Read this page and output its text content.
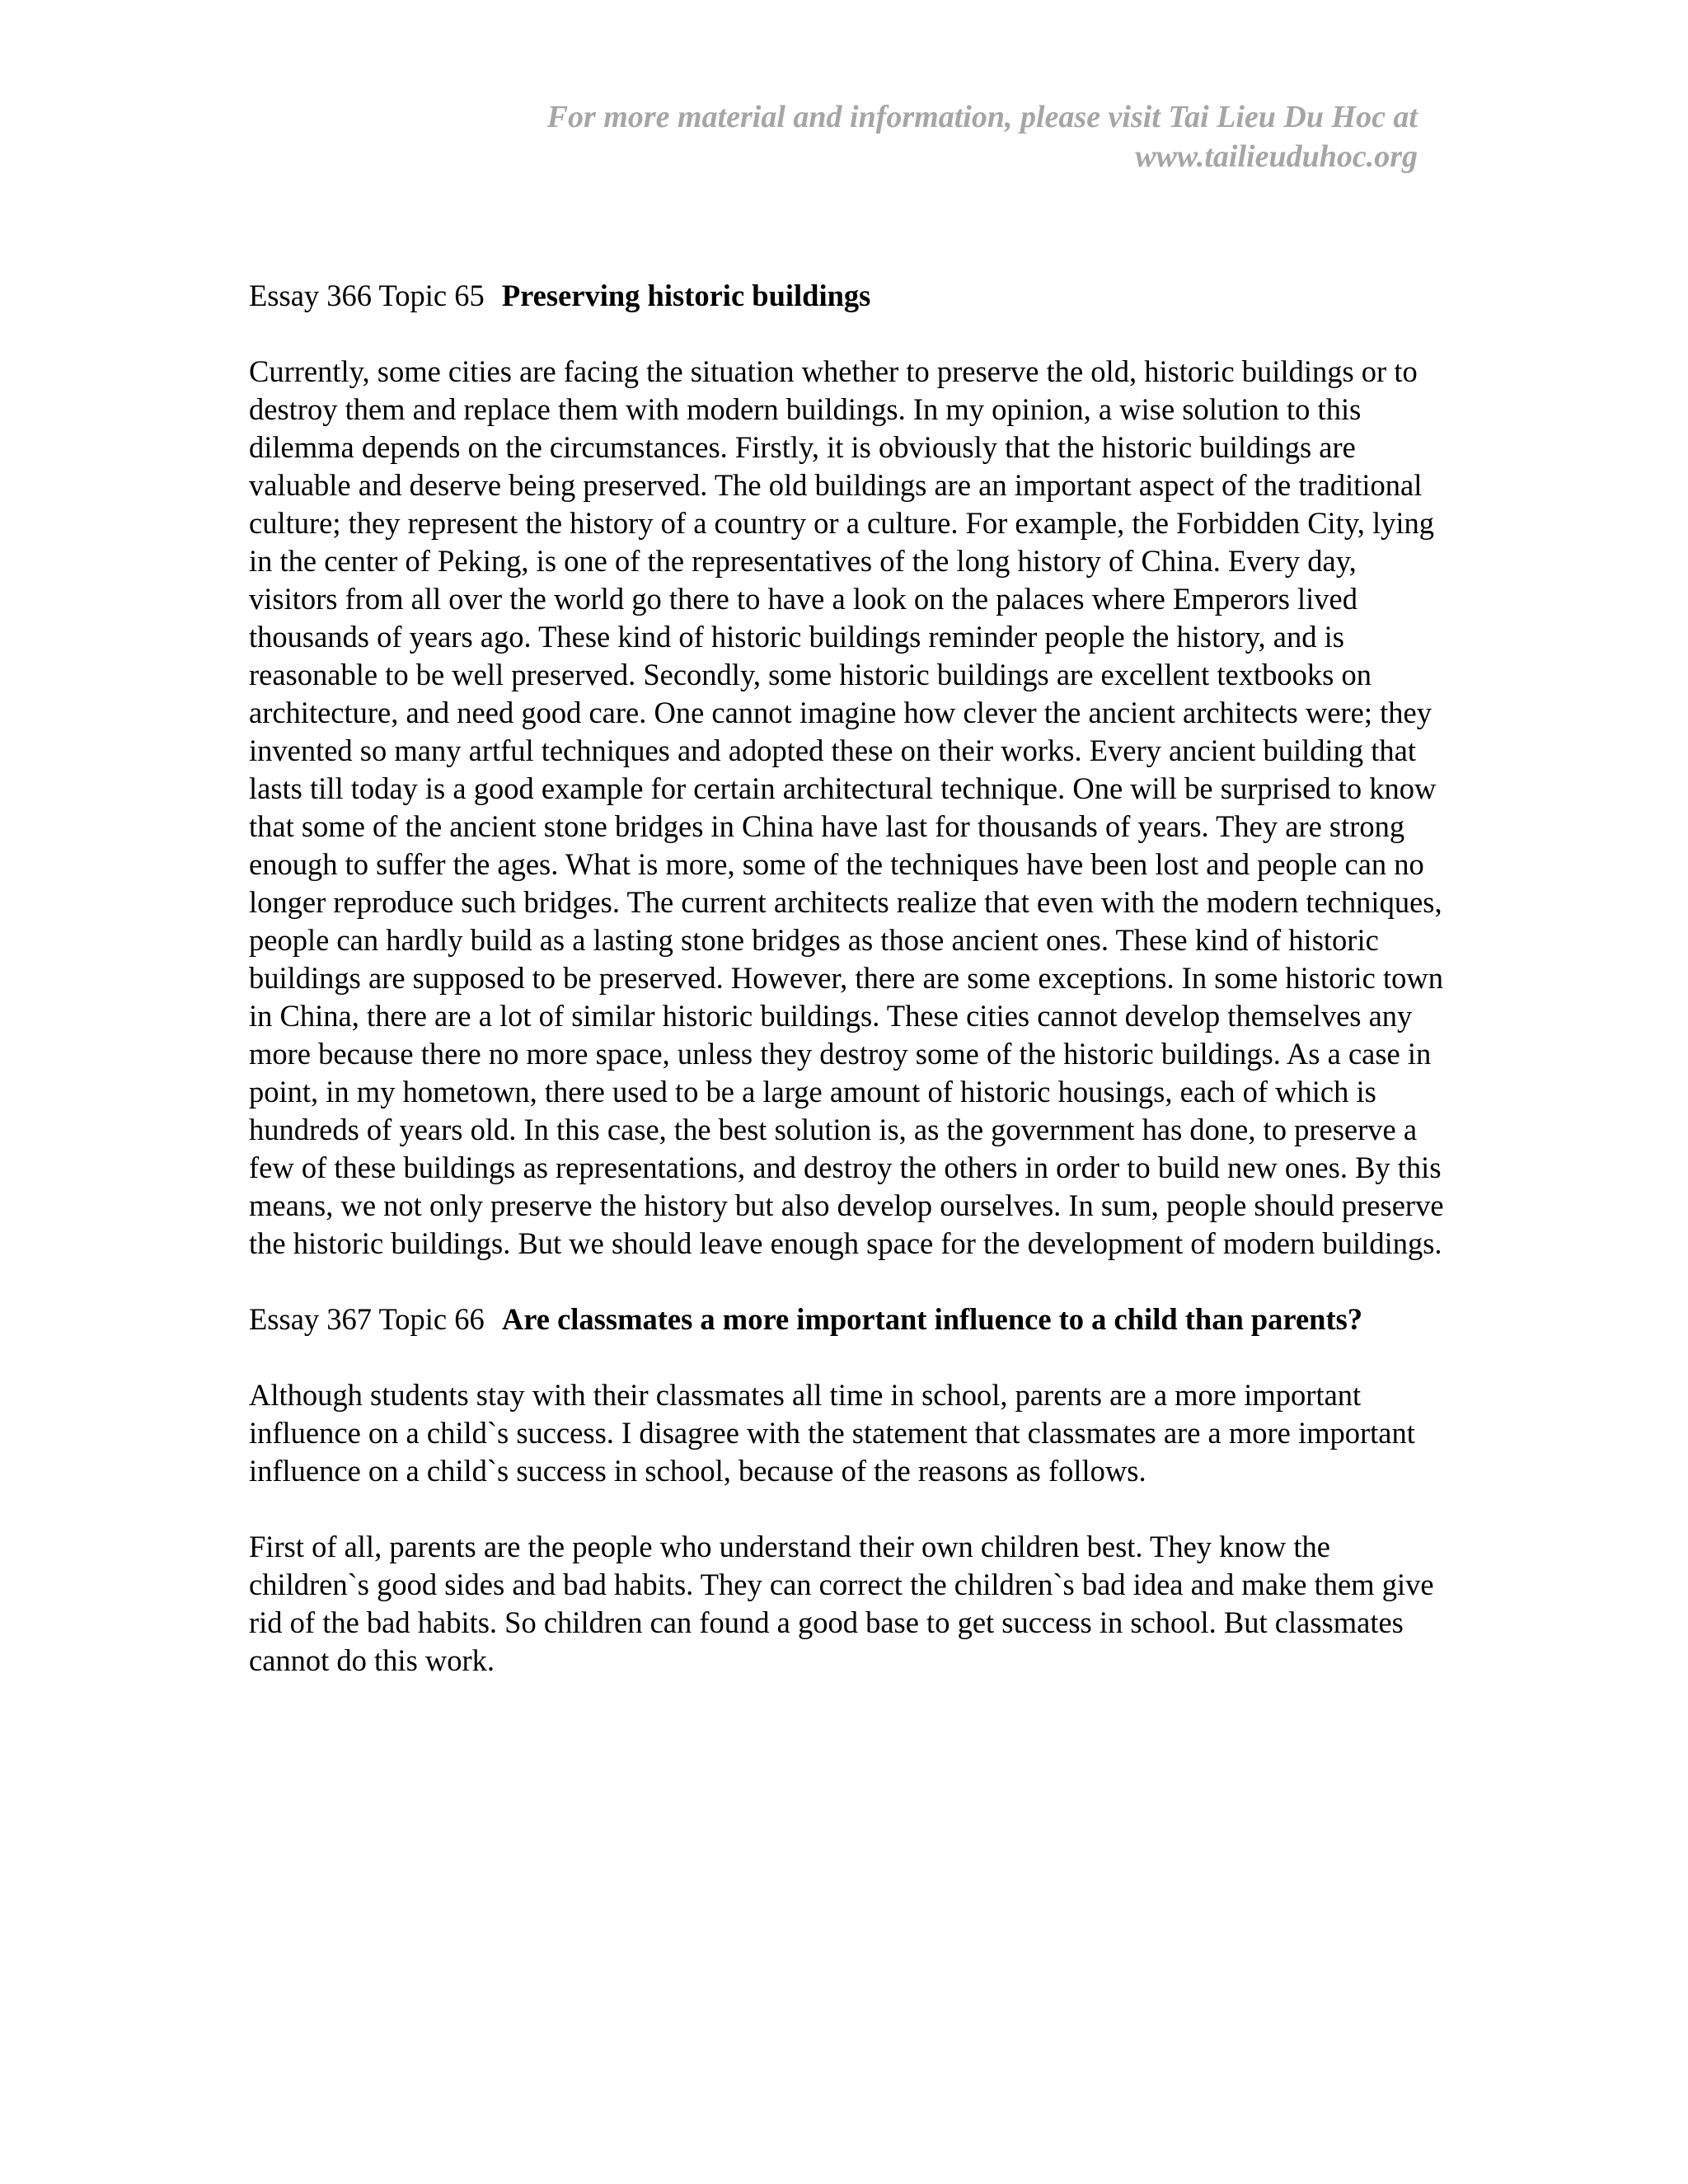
For more material and information, please visit Tai Lieu Du Hoc at
www.tailieuduhoc.org
Essay 366 Topic 65 Preserving historic buildings

Currently, some cities are facing the situation whether to preserve the old, historic buildings or to destroy them and replace them with modern buildings. In my opinion, a wise solution to this dilemma depends on the circumstances. Firstly, it is obviously that the historic buildings are valuable and deserve being preserved. The old buildings are an important aspect of the traditional culture; they represent the history of a country or a culture. For example, the Forbidden City, lying in the center of Peking, is one of the representatives of the long history of China. Every day, visitors from all over the world go there to have a look on the palaces where Emperors lived thousands of years ago. These kind of historic buildings reminder people the history, and is reasonable to be well preserved. Secondly, some historic buildings are excellent textbooks on architecture, and need good care. One cannot imagine how clever the ancient architects were; they invented so many artful techniques and adopted these on their works. Every ancient building that lasts till today is a good example for certain architectural technique. One will be surprised to know that some of the ancient stone bridges in China have last for thousands of years. They are strong enough to suffer the ages. What is more, some of the techniques have been lost and people can no longer reproduce such bridges. The current architects realize that even with the modern techniques, people can hardly build as a lasting stone bridges as those ancient ones. These kind of historic buildings are supposed to be preserved. However, there are some exceptions. In some historic town in China, there are a lot of similar historic buildings. These cities cannot develop themselves any more because there no more space, unless they destroy some of the historic buildings. As a case in point, in my hometown, there used to be a large amount of historic housings, each of which is hundreds of years old. In this case, the best solution is, as the government has done, to preserve a few of these buildings as representations, and destroy the others in order to build new ones. By this means, we not only preserve the history but also develop ourselves. In sum, people should preserve the historic buildings. But we should leave enough space for the development of modern buildings.

Essay 367 Topic 66 Are classmates a more important influence to a child than parents?

Although students stay with their classmates all time in school, parents are a more important influence on a child`s success. I disagree with the statement that classmates are a more important influence on a child`s success in school, because of the reasons as follows.

First of all, parents are the people who understand their own children best. They know the children`s good sides and bad habits. They can correct the children`s bad idea and make them give rid of the bad habits. So children can found a good base to get success in school. But classmates cannot do this work.
